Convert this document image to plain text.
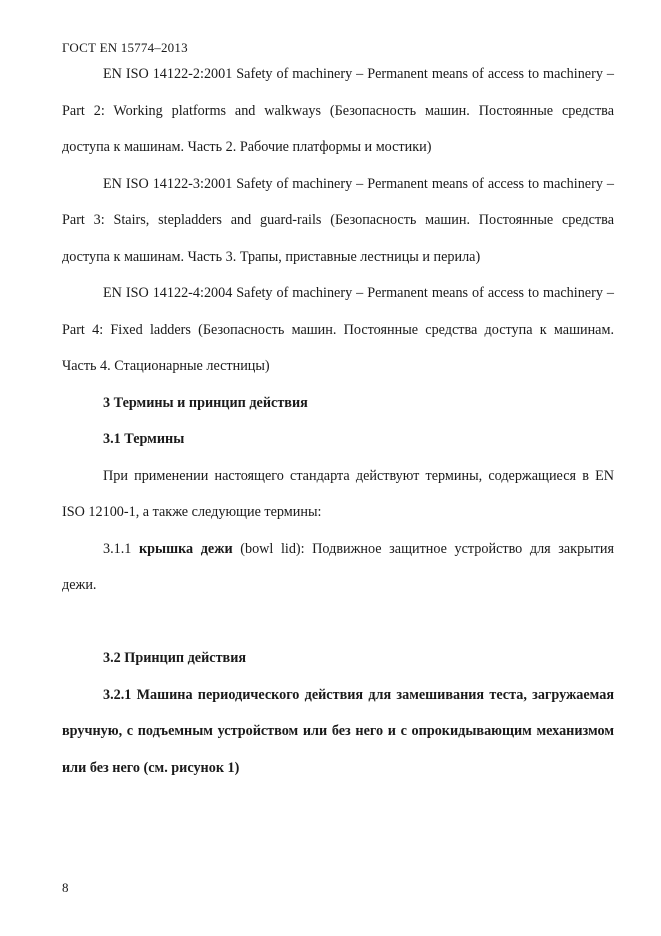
ГОСТ EN 15774–2013

EN ISO 14122-2:2001 Safety of machinery – Permanent means of access to machinery – Part 2: Working platforms and walkways (Безопасность машин. Постоянные средства доступа к машинам. Часть 2. Рабочие платформы и мостики)

EN ISO 14122-3:2001 Safety of machinery – Permanent means of access to machinery – Part 3: Stairs, stepladders and guard-rails (Безопасность машин. Постоянные средства доступа к машинам. Часть 3. Трапы, приставные лестницы и перила)

EN ISO 14122-4:2004 Safety of machinery – Permanent means of access to machinery – Part 4: Fixed ladders (Безопасность машин. Постоянные средства доступа к машинам. Часть 4. Стационарные лестницы)

3 Термины и принцип действия

3.1 Термины

При применении настоящего стандарта действуют термины, содержащиеся в EN ISO 12100-1, а также следующие термины:

3.1.1 крышка дежи (bowl lid): Подвижное защитное устройство для закрытия дежи.

3.2 Принцип действия

3.2.1 Машина периодического действия для замешивания теста, загружаемая вручную, с подъемным устройством или без него и с опрокидывающим механизмом или без него (см. рисунок 1)

8
